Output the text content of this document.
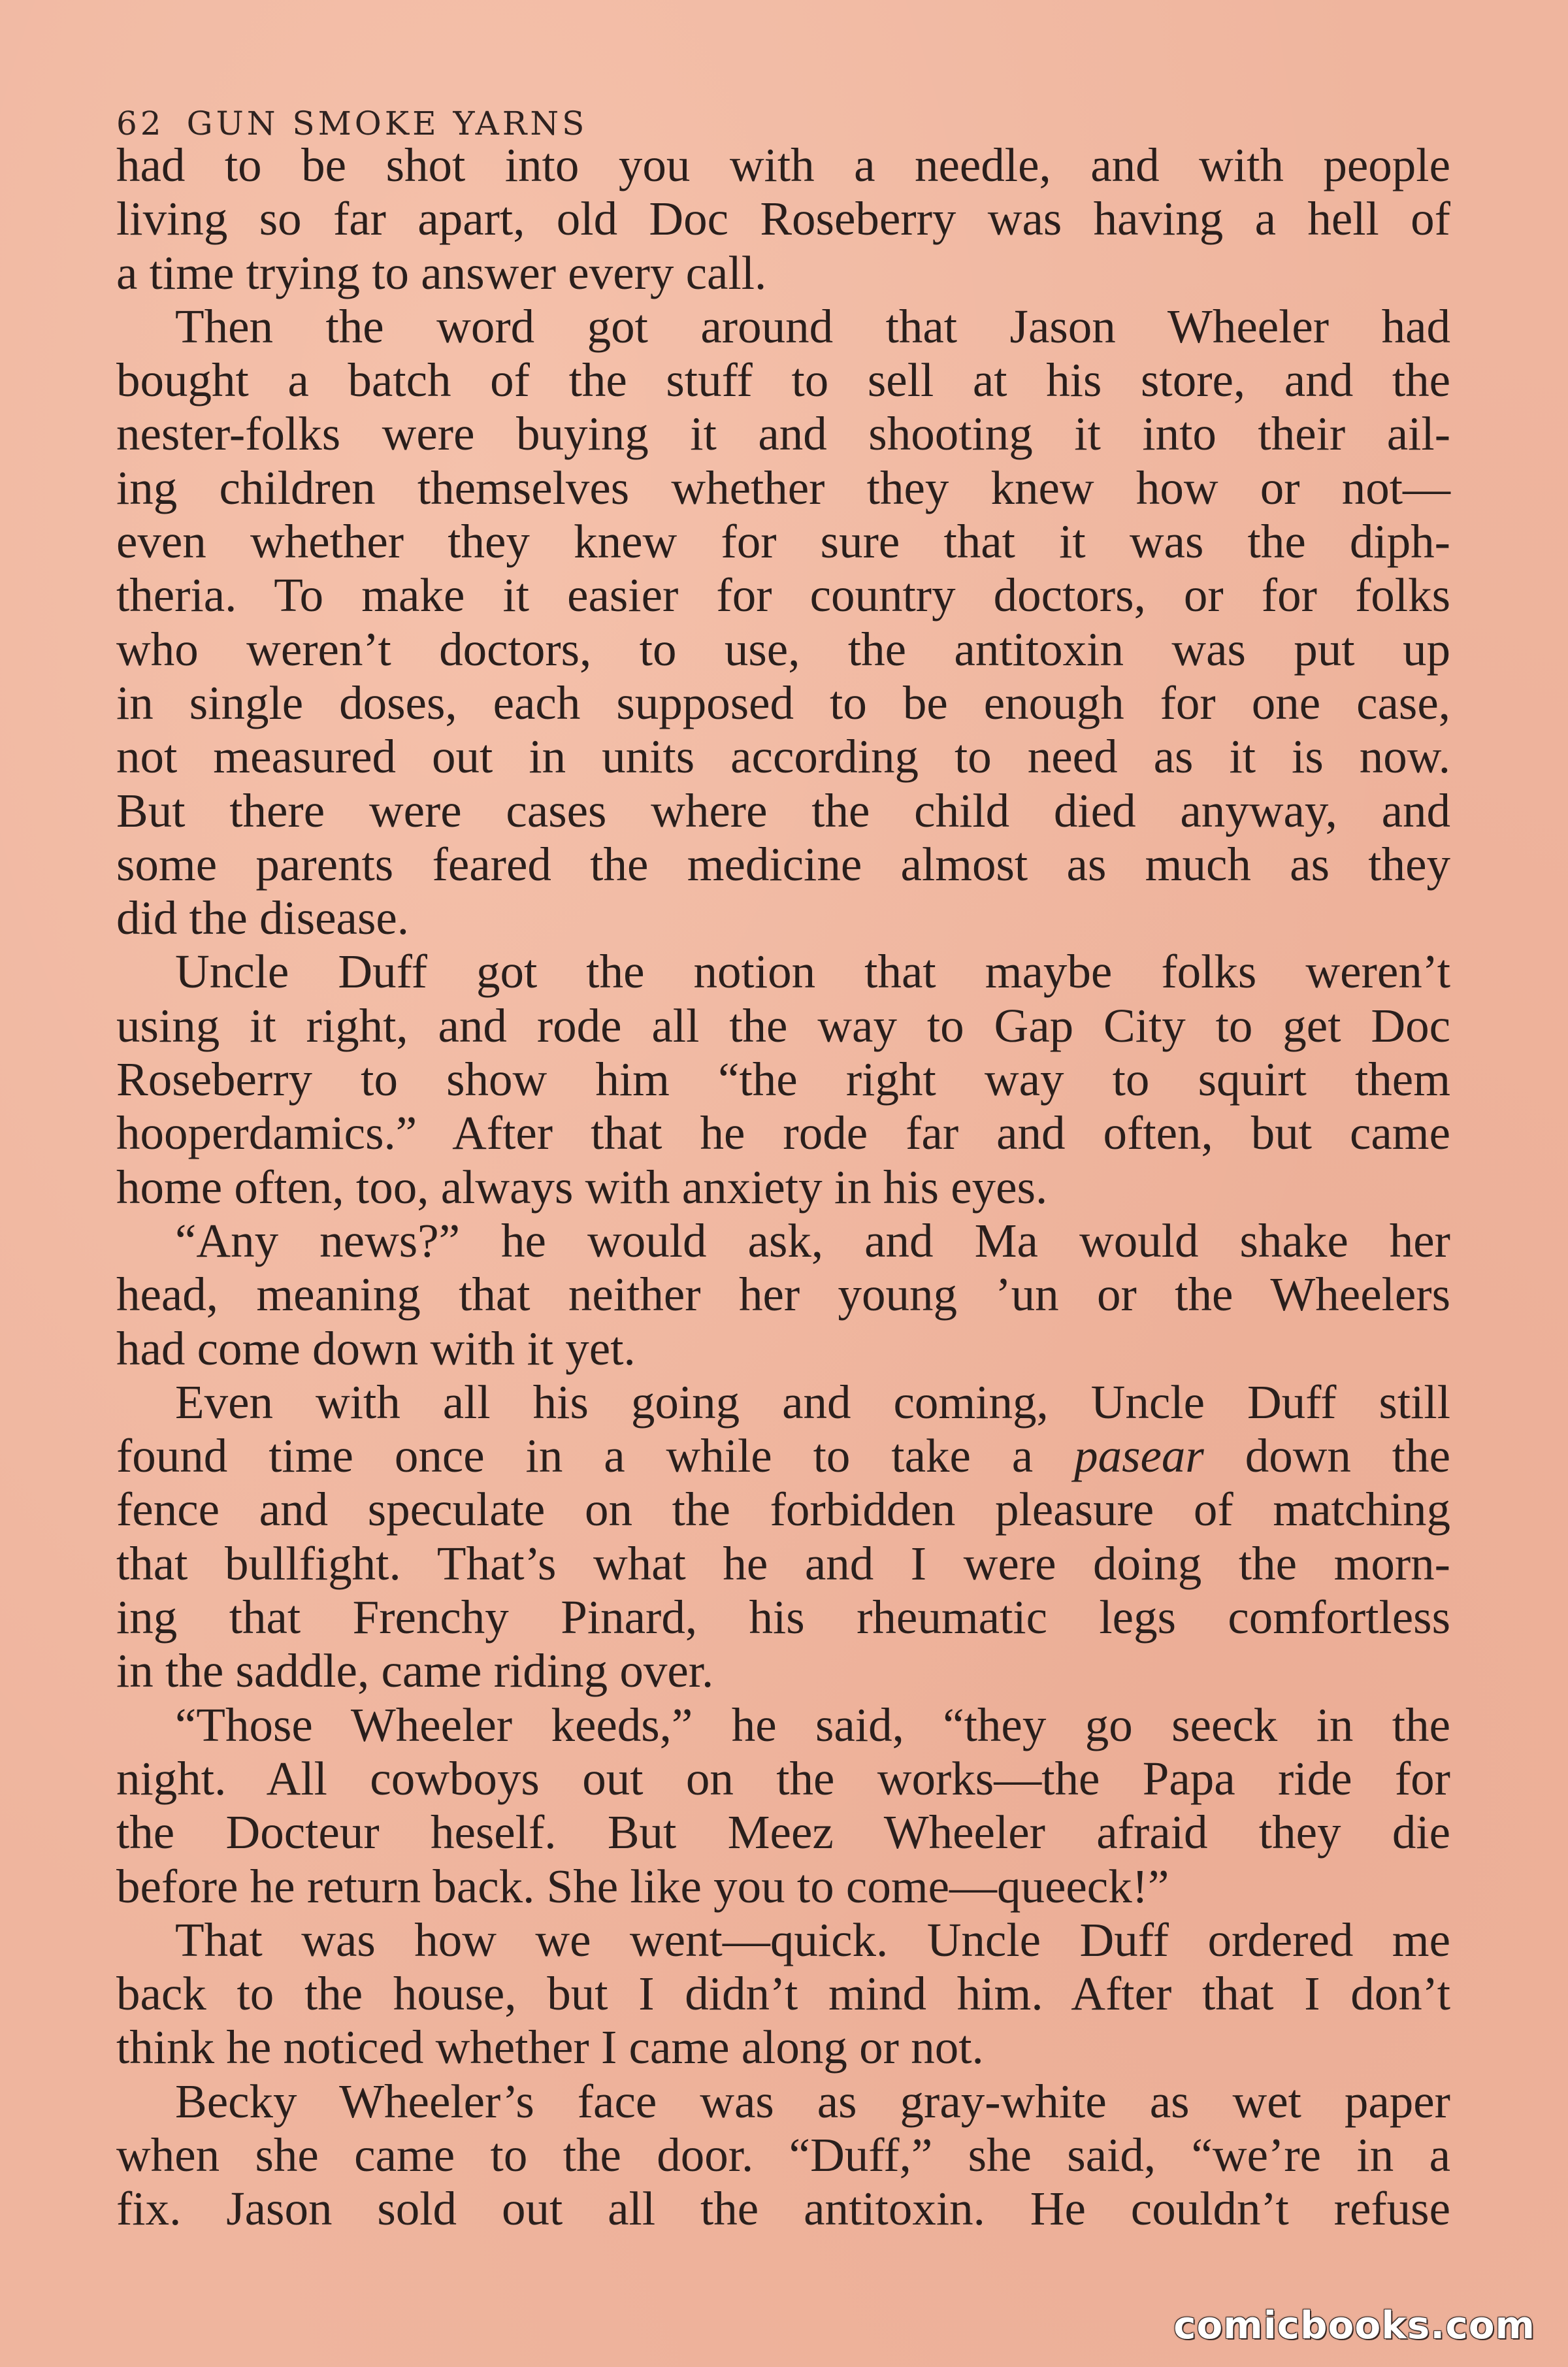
62 GUN SMOKE YARNS
had to be shot into you with a needle, and with people
living so far apart, old Doc Roseberry was having a hell of
a time trying to answer every call.
Then the word got around that Jason Wheeler had
bought a batch of the stuff to sell at his store, and the
nester-folks were buying it and shooting it into their ail-
ing children themselves whether they knew how or not—
even whether they knew for sure that it was the diph-
theria. To make it easier for country doctors, or for folks
who weren’t doctors, to use, the antitoxin was put up
in single doses, each supposed to be enough for one case,
not measured out in units according to need as it is now.
But there were cases where the child died anyway, and
some parents feared the medicine almost as much as they
did the disease.
Uncle Duff got the notion that maybe folks weren’t
using it right, and rode all the way to Gap City to get Doc
Roseberry to show him “the right way to squirt them
hooperdamics.” After that he rode far and often, but came
home often, too, always with anxiety in his eyes.
“Any news?” he would ask, and Ma would shake her
head, meaning that neither her young ’un or the Wheelers
had come down with it yet.
Even with all his going and coming, Uncle Duff still
found time once in a while to take a pasear down the
fence and speculate on the forbidden pleasure of matching
that bullfight. That’s what he and I were doing the morn-
ing that Frenchy Pinard, his rheumatic legs comfortless
in the saddle, came riding over.
“Those Wheeler keeds,” he said, “they go seeck in the
night. All cowboys out on the works—the Papa ride for
the Docteur heself. But Meez Wheeler afraid they die
before he return back. She like you to come—queeck!”
That was how we went—quick. Uncle Duff ordered me
back to the house, but I didn’t mind him. After that I don’t
think he noticed whether I came along or not.
Becky Wheeler’s face was as gray-white as wet paper
when she came to the door. “Duff,” she said, “we’re in a
fix. Jason sold out all the antitoxin. He couldn’t refuse
comicbooks.com
